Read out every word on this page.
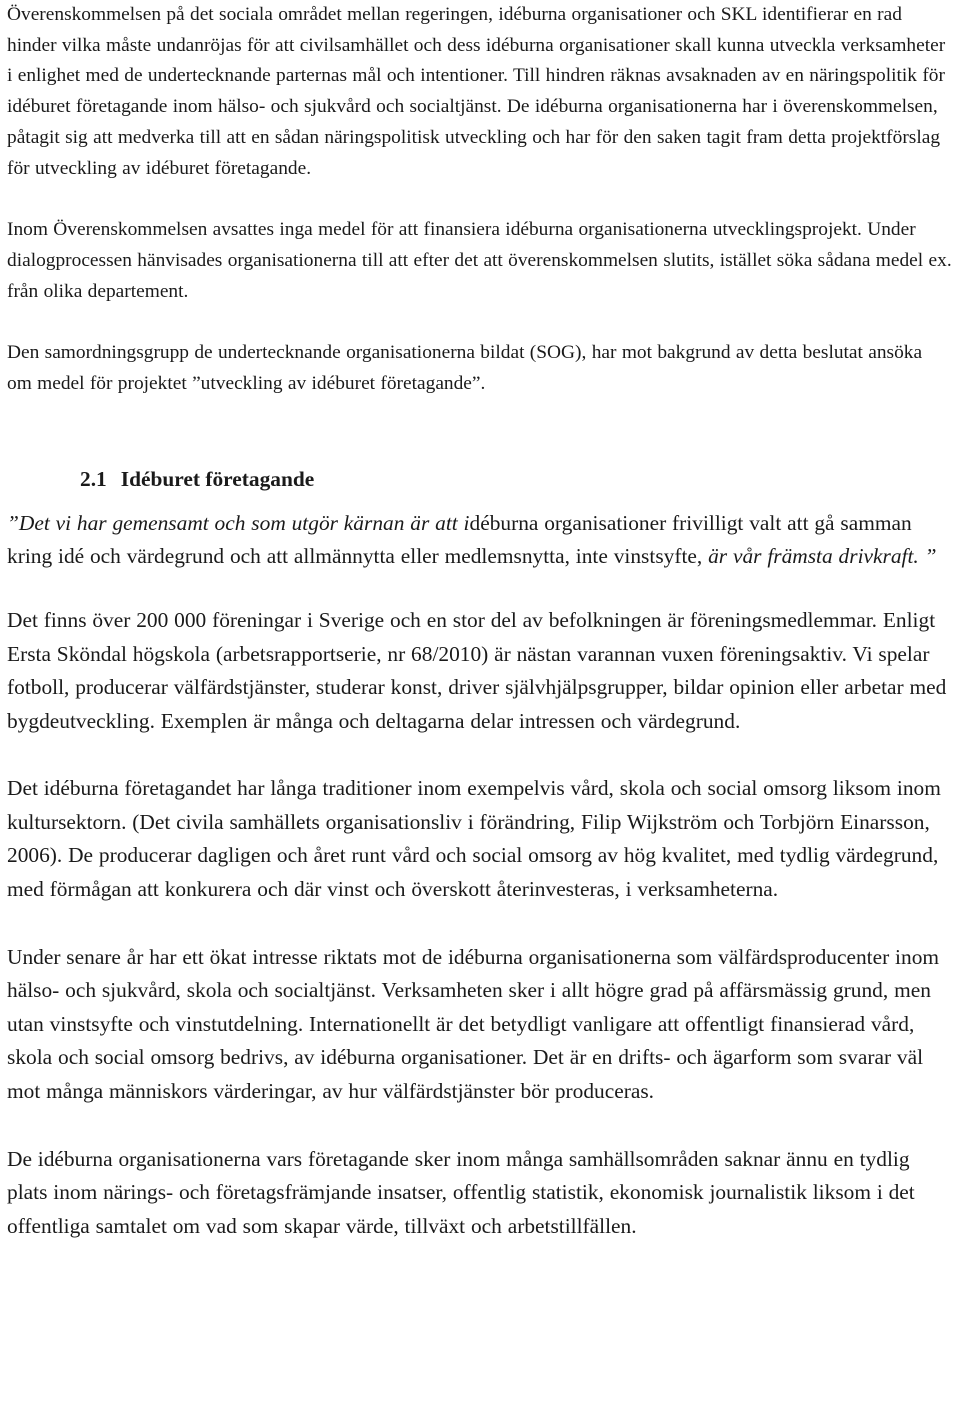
Överenskommelsen på det sociala området mellan regeringen, idéburna organisationer och SKL identifierar en rad hinder vilka måste undanröjas för att civilsamhället och dess idéburna organisationer skall kunna utveckla verksamheter i enlighet med de undertecknande parternas mål och intentioner. Till hindren räknas avsaknaden av en näringspolitik för idéburet företagande inom hälso- och sjukvård och socialtjänst. De idéburna organisationerna har i överenskommelsen, påtagit sig att medverka till att en sådan näringspolitisk utveckling och har för den saken tagit fram detta projektförslag för utveckling av idéburet företagande.

Inom Överenskommelsen avsattes inga medel för att finansiera idéburna organisationerna utvecklingsprojekt. Under dialogprocessen hänvisades organisationerna till att efter det att överenskommelsen slutits, istället söka sådana medel ex. från olika departement.

Den samordningsgrupp de undertecknande organisationerna bildat (SOG), har mot bakgrund av detta beslutat ansöka om medel för projektet ”utveckling av idéburet företagande”.

2.1 Idéburet företagande

”Det vi har gemensamt och som utgör kärnan är att idéburna organisationer frivilligt valt att gå samman kring idé och värdegrund och att allmännytta eller medlemsnytta, inte vinstsyfte, är vår främsta drivkraft. ”

Det finns över 200 000 föreningar i Sverige och en stor del av befolkningen är föreningsmedlemmar. Enligt Ersta Sköndal högskola (arbetsrapportserie, nr 68/2010) är nästan varannan vuxen föreningsaktiv. Vi spelar fotboll, producerar välfärdstjänster, studerar konst, driver självhjälpsgrupper, bildar opinion eller arbetar med bygdeutveckling. Exemplen är många och deltagarna delar intressen och värdegrund.

Det idéburna företagandet har långa traditioner inom exempelvis vård, skola och social omsorg liksom inom kultursektorn. (Det civila samhällets organisationsliv i förändring, Filip Wijkström och Torbjörn Einarsson, 2006). De producerar dagligen och året runt vård och social omsorg av hög kvalitet, med tydlig värdegrund, med förmågan att konkurera och där vinst och överskott återinvesteras, i verksamheterna.

Under senare år har ett ökat intresse riktats mot de idéburna organisationerna som välfärdsproducenter inom hälso- och sjukvård, skola och socialtjänst. Verksamheten sker i allt högre grad på affärsmässig grund, men utan vinstsyfte och vinstutdelning. Internationellt är det betydligt vanligare att offentligt finansierad vård, skola och social omsorg bedrivs, av idéburna organisationer. Det är en drifts- och ägarform som svarar väl mot många människors värderingar, av hur välfärdstjänster bör produceras.

De idéburna organisationerna vars företagande sker inom många samhällsområden saknar ännu en tydlig plats inom närings- och företagsfrämjande insatser, offentlig statistik, ekonomisk journalistik liksom i det offentliga samtalet om vad som skapar värde, tillväxt och arbetstillfällen.
